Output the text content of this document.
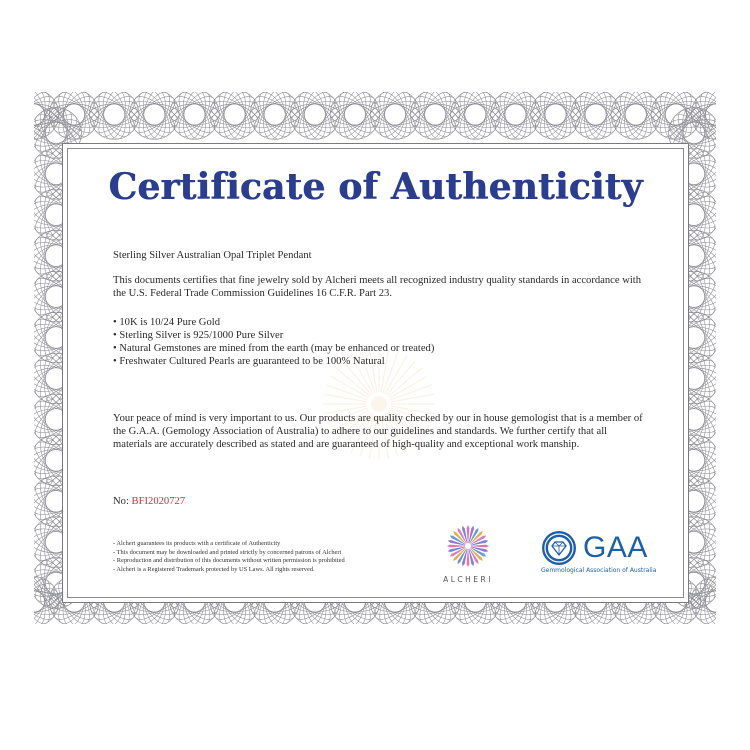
Certificate of Authenticity
Sterling Silver Australian Opal Triplet Pendant
This documents certifies that fine jewelry sold by Alcheri meets all recognized industry quality standards in accordance with the U.S. Federal Trade Commission Guidelines 16 C.F.R. Part 23.
• 10K is 10/24 Pure Gold
• Sterling Silver is 925/1000 Pure Silver
• Natural Gemstones are mined from the earth (may be enhanced or treated)
• Freshwater Cultured Pearls are guaranteed to be 100% Natural
Your peace of mind is very important to us. Our products are quality checked by our in house gemologist that is a member of the G.A.A. (Gemology Association of Australia) to adhere to our guidelines and standards. We further certify that all materials are accurately described as stated and are guaranteed of high-quality and exceptional work manship.
No: BFI2020727
- Alcheri guarantees its products with a certificate of Authenticity
- This document may be downloaded and printed strictly by concerned patrons of Alcheri
- Reproduction and distribution of this documents without written permission is prohibited
- Alcheri is a Registered Trademark protected by US Laws. All rights reserved.
ALCHERI
GAA
Gemmological Association of Australia
